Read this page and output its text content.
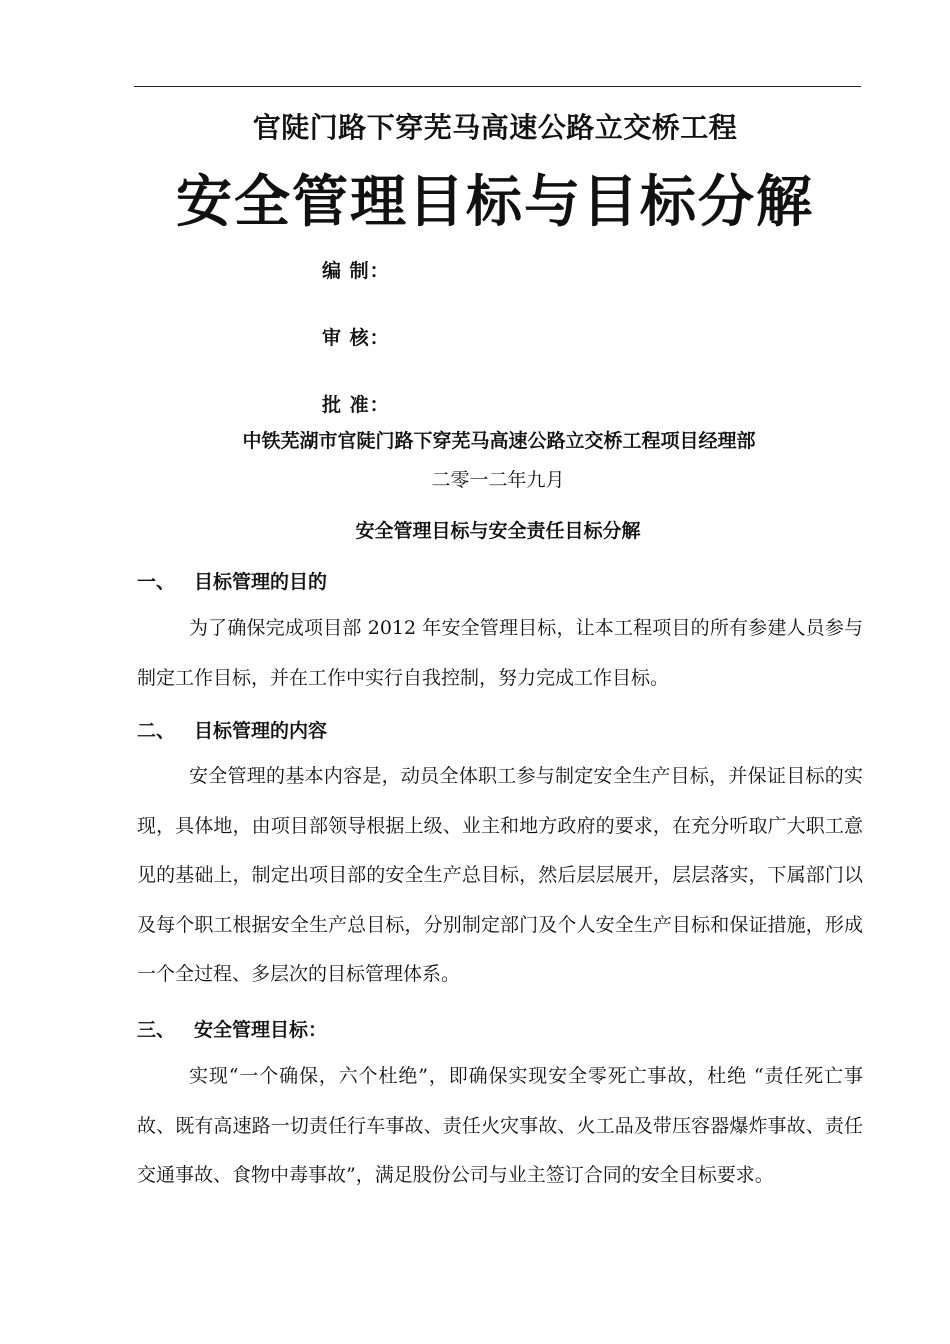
官陡门路下穿芜马高速公路立交桥工程
安全管理目标与目标分解
编 制：
审 核：
批 准：
中铁芜湖市官陡门路下穿芜马高速公路立交桥工程项目经理部
二零一二年九月
安全管理目标与安全责任目标分解
一、 目标管理的目的

为了确保完成项目部 2012 年安全管理目标，让本工程项目的所有参建人员参与制定工作目标，并在工作中实行自我控制，努力完成工作目标。

二、 目标管理的内容

安全管理的基本内容是，动员全体职工参与制定安全生产目标，并保证目标的实现，具体地，由项目部领导根据上级、业主和地方政府的要求，在充分听取广大职工意见的基础上，制定出项目部的安全生产总目标，然后层层展开，层层落实，下属部门以及每个职工根据安全生产总目标，分别制定部门及个人安全生产目标和保证措施，形成一个全过程、多层次的目标管理体系。

三、 安全管理目标：

实现“一个确保，六个杜绝”，即确保实现安全零死亡事故，杜绝 “责任死亡事故、既有高速路一切责任行车事故、责任火灾事故、火工品及带压容器爆炸事故、责任交通事故、食物中毒事故”，满足股份公司与业主签订合同的安全目标要求。
